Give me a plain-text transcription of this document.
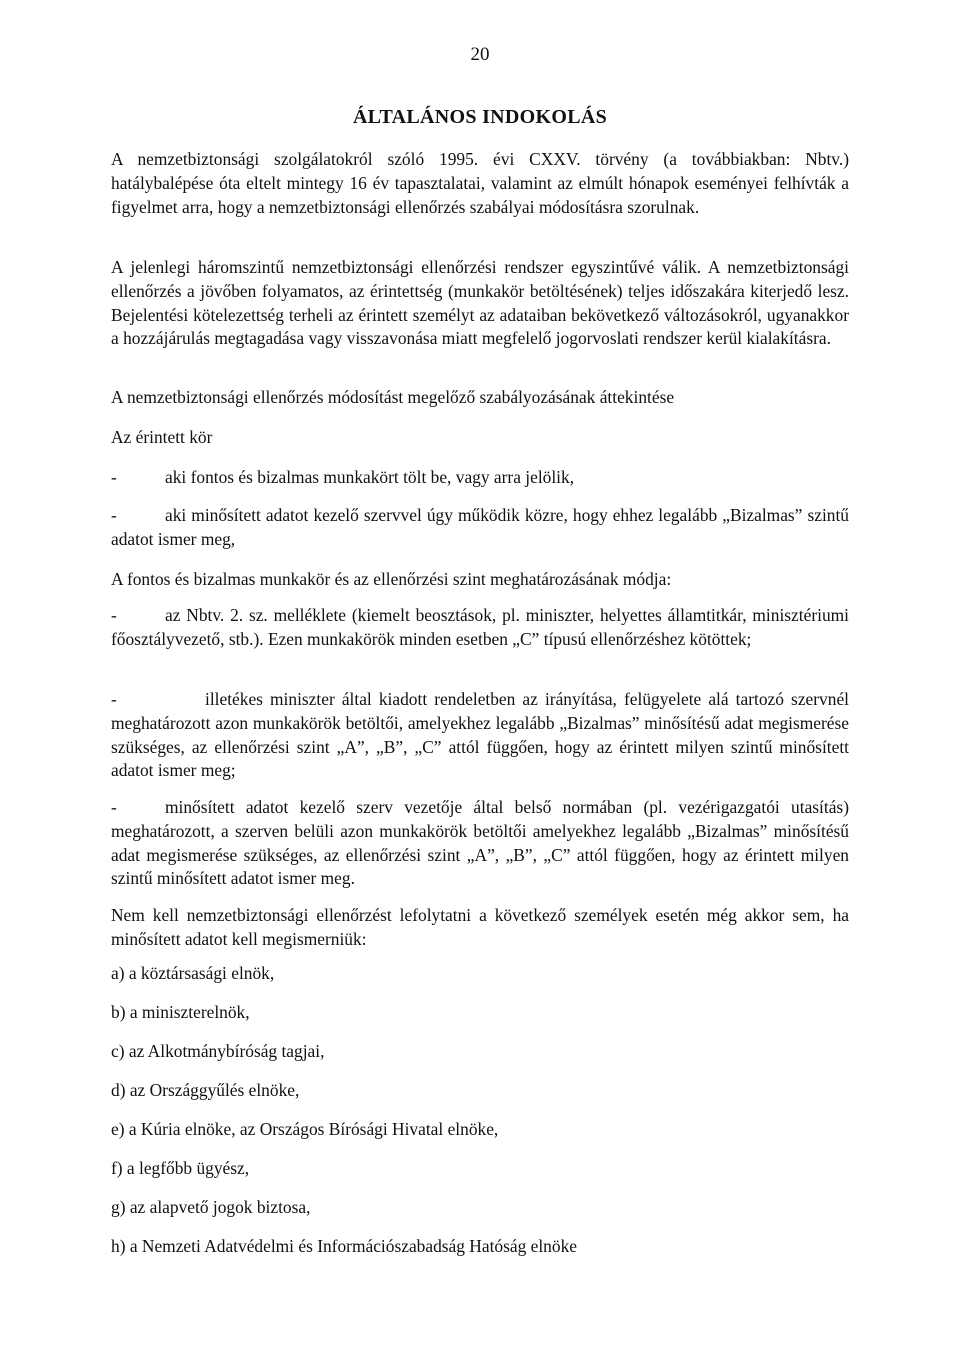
20
ÁLTALÁNOS INDOKOLÁS

A nemzetbiztonsági szolgálatokról szóló 1995. évi CXXV. törvény (a továbbiakban: Nbtv.) hatálybalépése óta eltelt mintegy 16 év tapasztalatai, valamint az elmúlt hónapok eseményei felhívták a figyelmet arra, hogy a nemzetbiztonsági ellenőrzés szabályai módosításra szorulnak.

A jelenlegi háromszintű nemzetbiztonsági ellenőrzési rendszer egyszintűvé válik. A nemzetbiztonsági ellenőrzés a jövőben folyamatos, az érintettség (munkakör betöltésének) teljes időszakára kiterjedő lesz. Bejelentési kötelezettség terheli az érintett személyt az adataiban bekövetkező változásokról, ugyanakkor a hozzájárulás megtagadása vagy visszavonása miatt megfelelő jogorvoslati rendszer kerül kialakításra.

A nemzetbiztonsági ellenőrzés módosítást megelőző szabályozásának áttekintése

Az érintett kör

-	aki fontos és bizalmas munkakört tölt be, vagy arra jelölik,

-	aki minősített adatot kezelő szervvel úgy működik közre, hogy ehhez legalább „Bizalmas” szintű adatot ismer meg,

A fontos és bizalmas munkakör és az ellenőrzési szint meghatározásának módja:

-	az Nbtv. 2. sz. melléklete (kiemelt beosztások, pl. miniszter, helyettes államtitkár, minisztériumi főosztályvezető, stb.). Ezen munkakörök minden esetben „C” típusú ellenőrzéshez kötöttek;

-	illetékes miniszter által kiadott rendeletben az irányítása, felügyelete alá tartozó szervnél meghatározott azon munkakörök betöltői, amelyekhez legalább „Bizalmas” minősítésű adat megismerése szükséges, az ellenőrzési szint „A”, „B”, „C” attól függően, hogy az érintett milyen szintű minősített adatot ismer meg;

-	minősített adatot kezelő szerv vezetője által belső normában (pl. vezérigazgatói utasítás) meghatározott, a szerven belüli azon munkakörök betöltői amelyekhez legalább „Bizalmas” minősítésű adat megismerése szükséges, az ellenőrzési szint „A”, „B”, „C” attól függően, hogy az érintett milyen szintű minősített adatot ismer meg.

Nem kell nemzetbiztonsági ellenőrzést lefolytatni a következő személyek esetén még akkor sem, ha minősített adatot kell megismerniük:

a) a köztársasági elnök,

b) a miniszterelnök,

c) az Alkotmánybíróság tagjai,

d) az Országgyűlés elnöke,

e) a Kúria elnöke, az Országos Bírósági Hivatal elnöke,

f) a legfőbb ügyész,

g) az alapvető jogok biztosa,

h) a Nemzeti Adatvédelmi és Információszabadság Hatóság elnöke
